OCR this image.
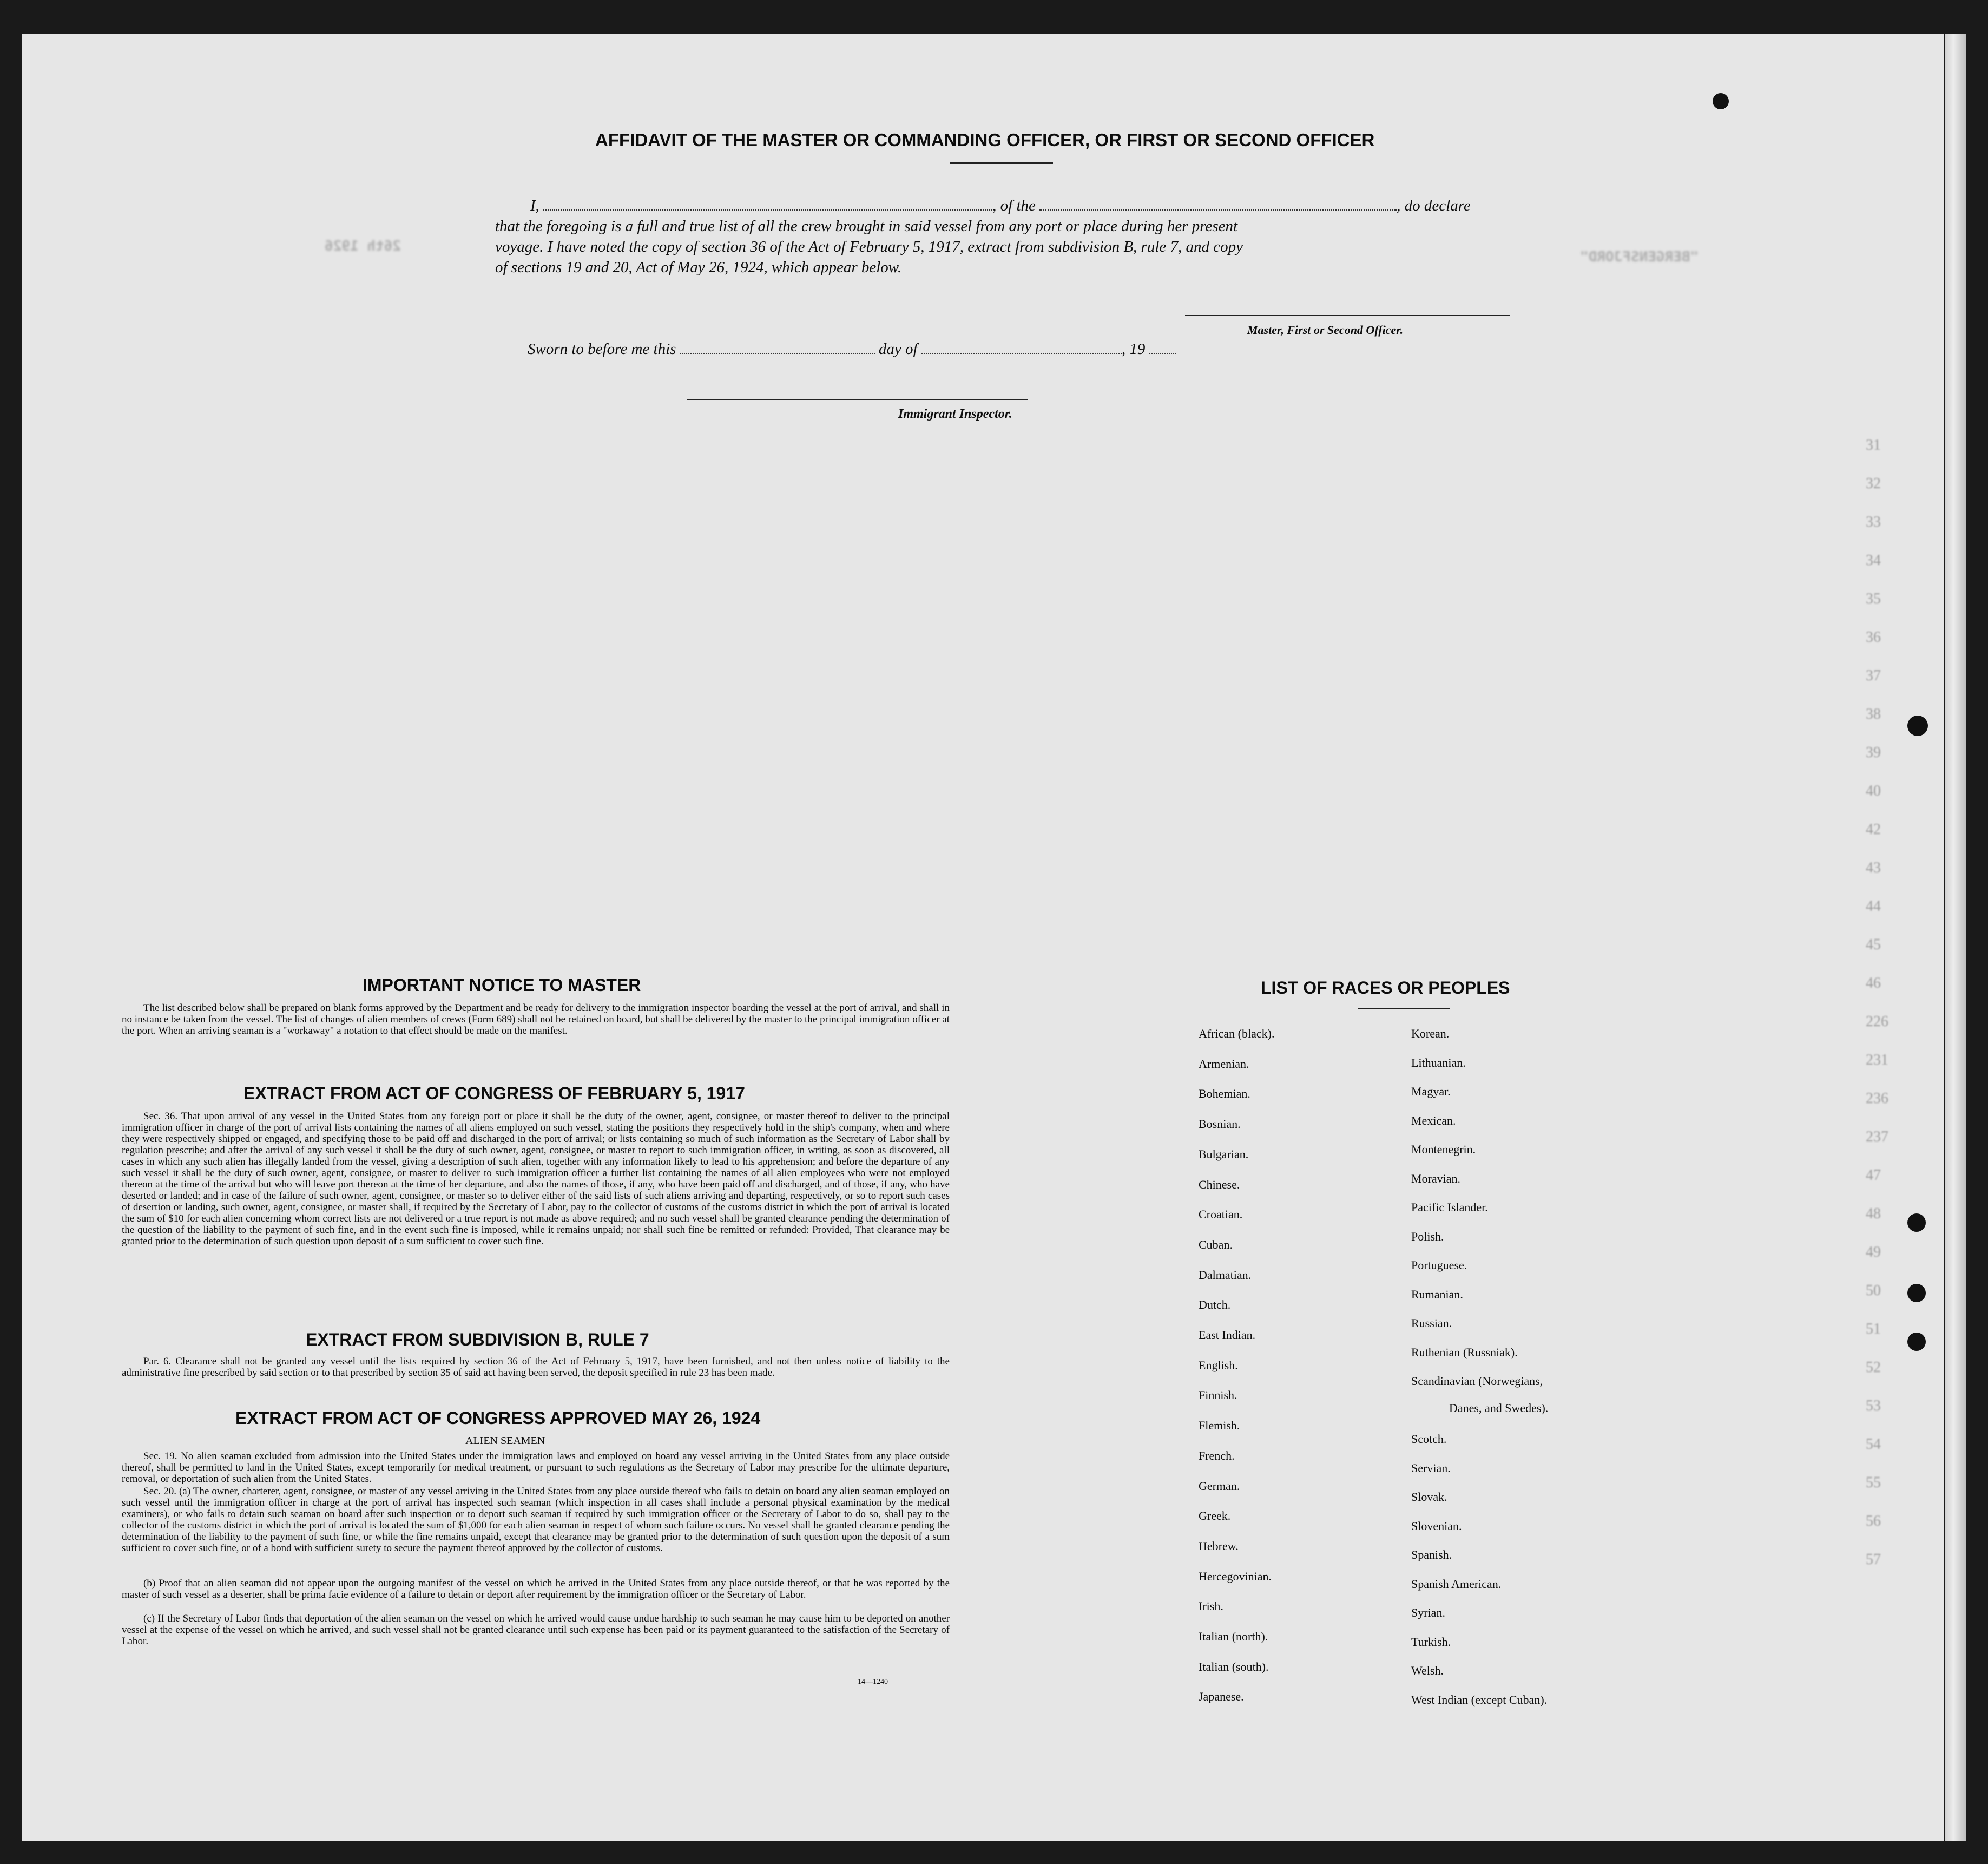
26th 1926
"BERGENSFJORD"
31
32
33
34
35
36
37
38
39
40
42
43
44
45
46
226
231
236
237
47
48
49
50
51
52
53
54
55
56
57
AFFIDAVIT OF THE MASTER OR COMMANDING OFFICER, OR FIRST OR SECOND OFFICER
I,	, of the	, do declare
that the foregoing is a full and true list of all the crew brought in said vessel from any port or place during her present
voyage. I have noted the copy of section 36 of the Act of February 5, 1917, extract from subdivision B, rule 7, and copy
of sections 19 and 20, Act of May 26, 1924, which appear below.
Master, First or Second Officer.
Sworn to before me this	day of	, 19
Immigrant Inspector.
IMPORTANT NOTICE TO MASTER
The list described below shall be prepared on blank forms approved by the Department and be ready for delivery to the immigration inspector boarding the vessel at the port of arrival, and shall in no instance be taken from the vessel. The list of changes of alien members of crews (Form 689) shall not be retained on board, but shall be delivered by the master to the principal immigration officer at the port. When an arriving seaman is a "workaway" a notation to that effect should be made on the manifest.
EXTRACT FROM ACT OF CONGRESS OF FEBRUARY 5, 1917
Sec. 36. That upon arrival of any vessel in the United States from any foreign port or place it shall be the duty of the owner, agent, consignee, or master thereof to deliver to the principal immigration officer in charge of the port of arrival lists containing the names of all aliens employed on such vessel, stating the positions they respectively hold in the ship's company, when and where they were respectively shipped or engaged, and specifying those to be paid off and discharged in the port of arrival; or lists containing so much of such information as the Secretary of Labor shall by regulation prescribe; and after the arrival of any such vessel it shall be the duty of such owner, agent, consignee, or master to report to such immigration officer, in writing, as soon as discovered, all cases in which any such alien has illegally landed from the vessel, giving a description of such alien, together with any information likely to lead to his apprehension; and before the departure of any such vessel it shall be the duty of such owner, agent, consignee, or master to deliver to such immigration officer a further list containing the names of all alien employees who were not employed thereon at the time of the arrival but who will leave port thereon at the time of her departure, and also the names of those, if any, who have been paid off and discharged, and of those, if any, who have deserted or landed; and in case of the failure of such owner, agent, consignee, or master so to deliver either of the said lists of such aliens arriving and departing, respectively, or so to report such cases of desertion or landing, such owner, agent, consignee, or master shall, if required by the Secretary of Labor, pay to the collector of customs of the customs district in which the port of arrival is located the sum of $10 for each alien concerning whom correct lists are not delivered or a true report is not made as above required; and no such vessel shall be granted clearance pending the determination of the question of the liability to the payment of such fine, and in the event such fine is imposed, while it remains unpaid; nor shall such fine be remitted or refunded: Provided, That clearance may be granted prior to the determination of such question upon deposit of a sum sufficient to cover such fine.
EXTRACT FROM SUBDIVISION B, RULE 7
Par. 6. Clearance shall not be granted any vessel until the lists required by section 36 of the Act of February 5, 1917, have been furnished, and not then unless notice of liability to the administrative fine prescribed by said section or to that prescribed by section 35 of said act having been served, the deposit specified in rule 23 has been made.
EXTRACT FROM ACT OF CONGRESS APPROVED MAY 26, 1924
ALIEN SEAMEN
Sec. 19. No alien seaman excluded from admission into the United States under the immigration laws and employed on board any vessel arriving in the United States from any place outside thereof, shall be permitted to land in the United States, except temporarily for medical treatment, or pursuant to such regulations as the Secretary of Labor may prescribe for the ultimate departure, removal, or deportation of such alien from the United States.
Sec. 20. (a) The owner, charterer, agent, consignee, or master of any vessel arriving in the United States from any place outside thereof who fails to detain on board any alien seaman employed on such vessel until the immigration officer in charge at the port of arrival has inspected such seaman (which inspection in all cases shall include a personal physical examination by the medical examiners), or who fails to detain such seaman on board after such inspection or to deport such seaman if required by such immigration officer or the Secretary of Labor to do so, shall pay to the collector of the customs district in which the port of arrival is located the sum of $1,000 for each alien seaman in respect of whom such failure occurs. No vessel shall be granted clearance pending the determination of the liability to the payment of such fine, or while the fine remains unpaid, except that clearance may be granted prior to the determination of such question upon the deposit of a sum sufficient to cover such fine, or of a bond with sufficient surety to secure the payment thereof approved by the collector of customs.
(b) Proof that an alien seaman did not appear upon the outgoing manifest of the vessel on which he arrived in the United States from any place outside thereof, or that he was reported by the master of such vessel as a deserter, shall be prima facie evidence of a failure to detain or deport after requirement by the immigration officer or the Secretary of Labor.
(c) If the Secretary of Labor finds that deportation of the alien seaman on the vessel on which he arrived would cause undue hardship to such seaman he may cause him to be deported on another vessel at the expense of the vessel on which he arrived, and such vessel shall not be granted clearance until such expense has been paid or its payment guaranteed to the satisfaction of the Secretary of Labor.
14—1240
LIST OF RACES OR PEOPLES
African (black).
Armenian.
Bohemian.
Bosnian.
Bulgarian.
Chinese.
Croatian.
Cuban.
Dalmatian.
Dutch.
East Indian.
English.
Finnish.
Flemish.
French.
German.
Greek.
Hebrew.
Hercegovinian.
Irish.
Italian (north).
Italian (south).
Japanese.
Korean.
Lithuanian.
Magyar.
Mexican.
Montenegrin.
Moravian.
Pacific Islander.
Polish.
Portuguese.
Rumanian.
Russian.
Ruthenian (Russniak).
Scandinavian (Norwegians,
Danes, and Swedes).
Scotch.
Servian.
Slovak.
Slovenian.
Spanish.
Spanish American.
Syrian.
Turkish.
Welsh.
West Indian (except Cuban).
